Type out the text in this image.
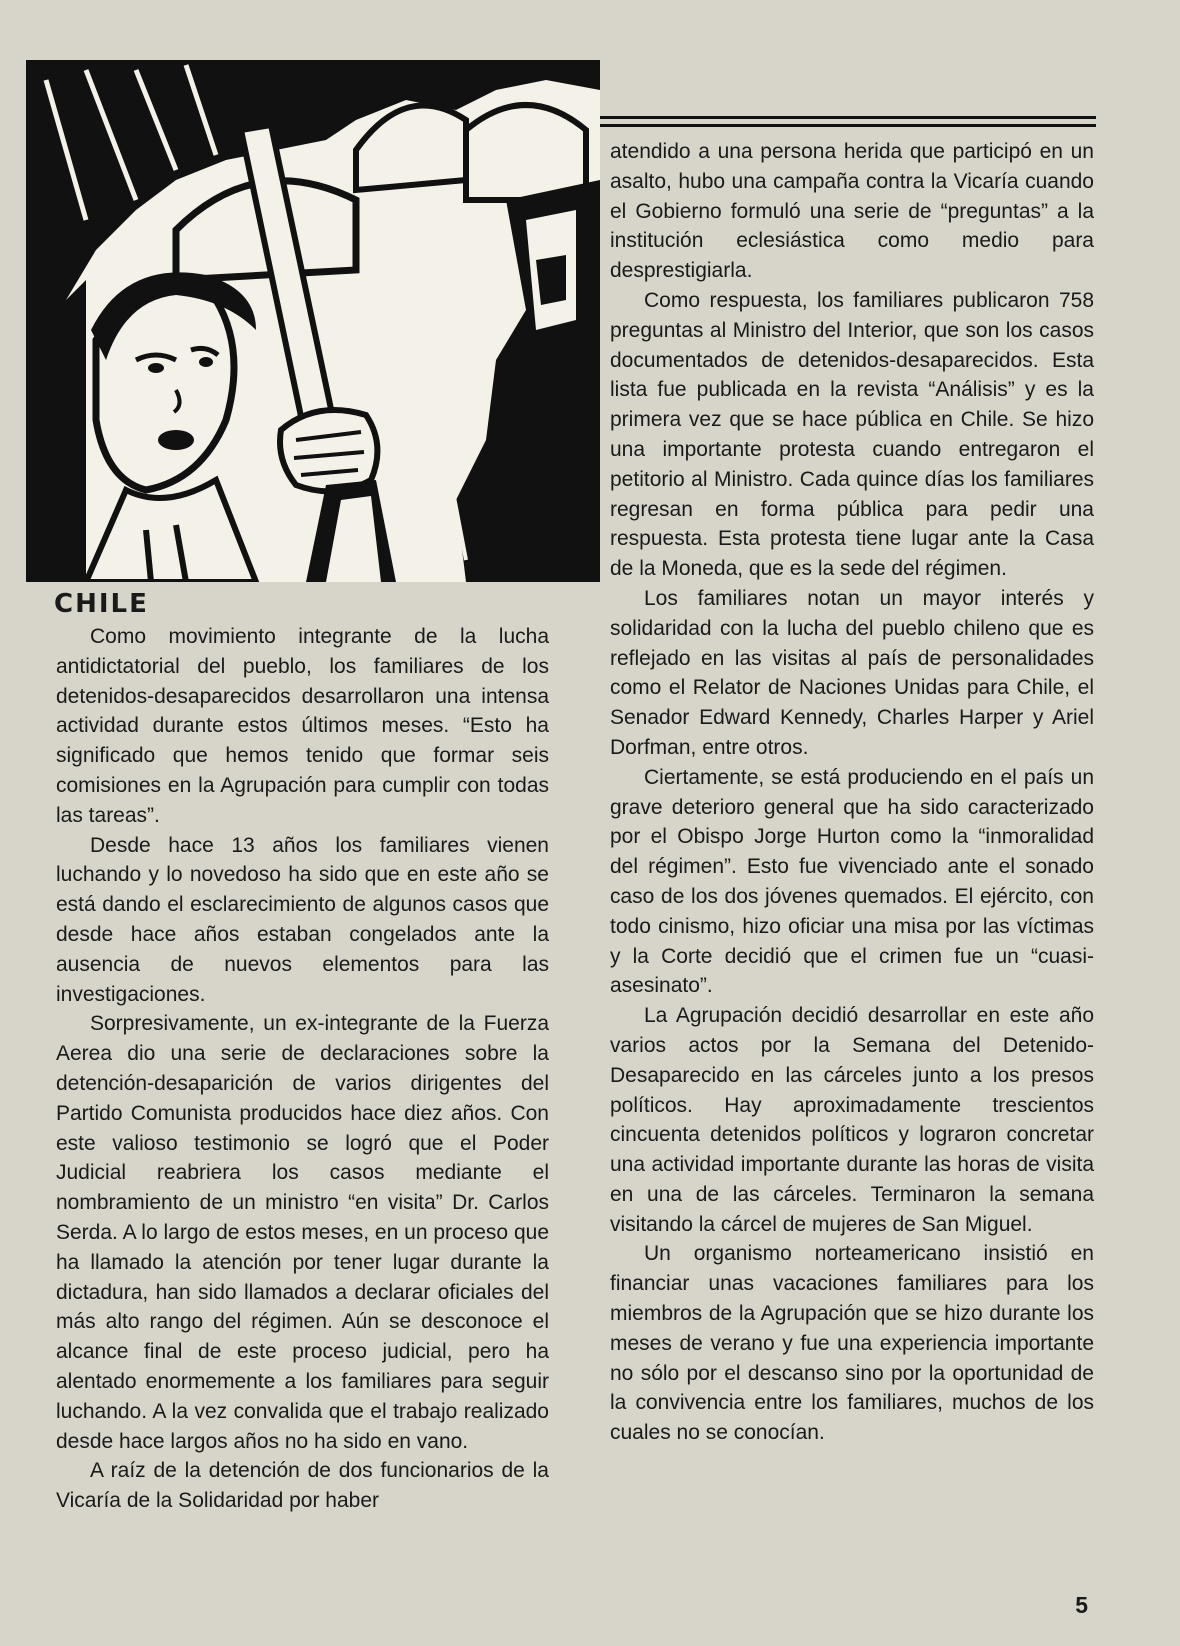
CHILE

Como movimiento integrante de la lucha antidictatorial del pueblo, los familiares de los detenidos-desaparecidos desarrollaron una intensa actividad durante estos últimos meses. “Esto ha significado que hemos tenido que formar seis comisiones en la Agrupación para cumplir con todas las tareas”.

Desde hace 13 años los familiares vienen luchando y lo novedoso ha sido que en este año se está dando el esclarecimiento de algunos casos que desde hace años estaban congelados ante la ausencia de nuevos elementos para las investigaciones.

Sorpresivamente, un ex-integrante de la Fuerza Aerea dio una serie de declaraciones sobre la detención-desaparición de varios dirigentes del Partido Comunista producidos hace diez años. Con este valioso testimonio se logró que el Poder Judicial reabriera los casos mediante el nombramiento de un ministro “en visita” Dr. Carlos Serda. A lo largo de estos meses, en un proceso que ha llamado la atención por tener lugar durante la dictadura, han sido llamados a declarar oficiales del más alto rango del régimen. Aún se desconoce el alcance final de este proceso judicial, pero ha alentado enormemente a los familiares para seguir luchando. A la vez convalida que el trabajo realizado desde hace largos años no ha sido en vano.

A raíz de la detención de dos funcionarios de la Vicaría de la Solidaridad por haber

atendido a una persona herida que participó en un asalto, hubo una campaña contra la Vicaría cuando el Gobierno formuló una serie de “preguntas” a la institución eclesiástica como medio para desprestigiarla.

Como respuesta, los familiares publicaron 758 preguntas al Ministro del Interior, que son los casos documentados de detenidos-desaparecidos. Esta lista fue publicada en la revista “Análisis” y es la primera vez que se hace pública en Chile. Se hizo una importante protesta cuando entregaron el petitorio al Ministro. Cada quince días los familiares regresan en forma pública para pedir una respuesta. Esta protesta tiene lugar ante la Casa de la Moneda, que es la sede del régimen.

Los familiares notan un mayor interés y solidaridad con la lucha del pueblo chileno que es reflejado en las visitas al país de personalidades como el Relator de Naciones Unidas para Chile, el Senador Edward Kennedy, Charles Harper y Ariel Dorfman, entre otros.

Ciertamente, se está produciendo en el país un grave deterioro general que ha sido caracterizado por el Obispo Jorge Hurton como la “inmoralidad del régimen”. Esto fue vivenciado ante el sonado caso de los dos jóvenes quemados. El ejército, con todo cinismo, hizo oficiar una misa por las víctimas y la Corte decidió que el crimen fue un “cuasi-asesinato”.

La Agrupación decidió desarrollar en este año varios actos por la Semana del Detenido-Desaparecido en las cárceles junto a los presos políticos. Hay aproximadamente trescientos cincuenta detenidos políticos y lograron concretar una actividad importante durante las horas de visita en una de las cárceles. Terminaron la semana visitando la cárcel de mujeres de San Miguel.

Un organismo norteamericano insistió en financiar unas vacaciones familiares para los miembros de la Agrupación que se hizo durante los meses de verano y fue una experiencia importante no sólo por el descanso sino por la oportunidad de la convivencia entre los familiares, muchos de los cuales no se conocían.

5
